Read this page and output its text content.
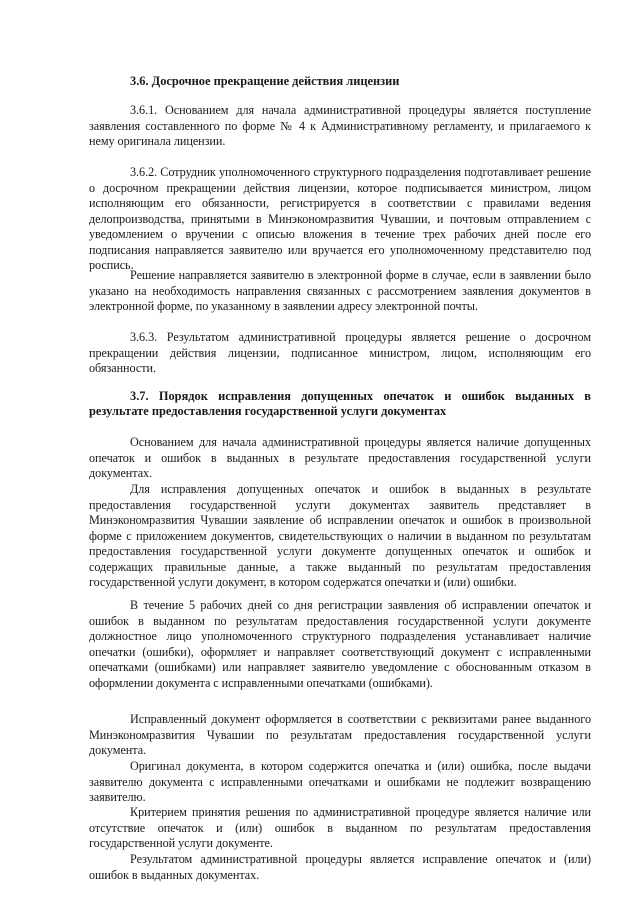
3.6. Досрочное прекращение действия лицензии

3.6.1. Основанием для начала административной процедуры является поступление заявления составленного по форме № 4 к Административному регламенту, и прилагаемого к нему оригинала лицензии.

3.6.2. Сотрудник уполномоченного структурного подразделения подготавливает решение о досрочном прекращении действия лицензии, которое подписывается министром, лицом исполняющим его обязанности, регистрируется в соответствии с правилами ведения делопроизводства, принятыми в Минэкономразвития Чувашии, и почтовым отправлением с уведомлением о вручении с описью вложения в течение трех рабочих дней после его подписания направляется заявителю или вручается его уполномоченному представителю под роспись.

Решение направляется заявителю в электронной форме в случае, если в заявлении было указано на необходимость направления связанных с рассмотрением заявления документов в электронной форме, по указанному в заявлении адресу электронной почты.

3.6.3. Результатом административной процедуры является решение о досрочном прекращении действия лицензии, подписанное министром, лицом, исполняющим его обязанности.

3.7. Порядок исправления допущенных опечаток и ошибок выданных в результате предоставления государственной услуги документах

Основанием для начала административной процедуры является наличие допущенных опечаток и ошибок в выданных в результате предоставления государственной услуги документах.

Для исправления допущенных опечаток и ошибок в выданных в результате предоставления государственной услуги документах заявитель представляет в Минэкономразвития Чувашии заявление об исправлении опечаток и ошибок в произвольной форме с приложением документов, свидетельствующих о наличии в выданном по результатам предоставления государственной услуги документе допущенных опечаток и ошибок и содержащих правильные данные, а также выданный по результатам предоставления государственной услуги документ, в котором содержатся опечатки и (или) ошибки.

В течение 5 рабочих дней со дня регистрации заявления об исправлении опечаток и ошибок в выданном по результатам предоставления государственной услуги документе должностное лицо уполномоченного структурного подразделения устанавливает наличие опечатки (ошибки), оформляет и направляет соответствующий документ с исправленными опечатками (ошибками) или направляет заявителю уведомление с обоснованным отказом в оформлении документа с исправленными опечатками (ошибками).

Исправленный документ оформляется в соответствии с реквизитами ранее выданного Минэкономразвития Чувашии по результатам предоставления государственной услуги документа.

Оригинал документа, в котором содержится опечатка и (или) ошибка, после выдачи заявителю документа с исправленными опечатками и ошибками не подлежит возвращению заявителю.

Критерием принятия решения по административной процедуре является наличие или отсутствие опечаток и (или) ошибок в выданном по результатам предоставления государственной услуги документе.

Результатом административной процедуры является исправление опечаток и (или) ошибок в выданных документах.
